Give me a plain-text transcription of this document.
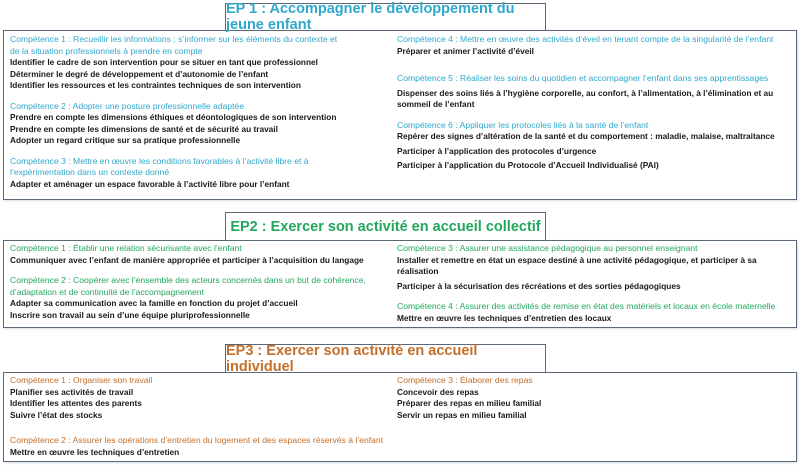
EP 1 : Accompagner le développement du jeune enfant
Compétence 1 : Recueillir les informations ; s’informer sur les éléments du contexte et de la situation professionnels à prendre en compte
Identifier le cadre de son intervention pour se situer en tant que professionnel
Déterminer le degré de développement et d’autonomie de l’enfant
Identifier les ressources et les contraintes techniques de son intervention
Compétence 2 : Adopter une posture professionnelle adaptée
Prendre en compte les dimensions éthiques et déontologiques de son intervention
Prendre en compte les dimensions de santé et de sécurité au travail
Adopter un regard critique sur sa pratique professionnelle
Compétence 3 : Mettre en œuvre les conditions favorables à l’activité libre et à l’expérimentation dans un contexte donné
Adapter et aménager un espace favorable à l’activité libre pour l’enfant
Compétence 4 : Mettre en œuvre des activités d’éveil en tenant compte de la singularité de l’enfant
Préparer et animer l’activité d’éveil
Compétence 5 : Réaliser les soins du quotidien et accompagner l’enfant dans ses apprentissages
Dispenser des soins liés à l’hygiène corporelle, au confort, à l’alimentation, à l’élimination et au sommeil de l’enfant
Compétence 6 : Appliquer les protocoles liés à la santé de l’enfant
Repérer des signes d’altération de la santé et du comportement : maladie, malaise, maltraitance
Participer à l’application des protocoles d’urgence
Participer à l’application du Protocole d’Accueil Individualisé (PAI)
EP2 : Exercer son activité en accueil collectif
Compétence 1 : Établir une relation sécurisante avec l’enfant
Communiquer avec l’enfant de manière appropriée et participer à l’acquisition du langage
Compétence 2 : Coopérer avec l’ensemble des acteurs concernés dans un but de cohérence, d’adaptation et de continuité de l’accompagnement
Adapter sa communication avec la famille en fonction du projet d’accueil
Inscrire son travail au sein d’une équipe pluriprofessionnelle
Compétence 3 : Assurer une assistance pédagogique au personnel enseignant
Installer et remettre en état un espace destiné à une activité pédagogique, et participer à sa réalisation
Participer à la sécurisation des récréations et des sorties pédagogiques
Compétence 4 : Assurer des activités de remise en état des matériels et locaux en école maternelle
Mettre en œuvre les techniques d’entretien des locaux
EP3 : Exercer son activité en accueil individuel
Compétence 1 : Organiser son travail
Planifier ses activités de travail
Identifier les attentes des parents
Suivre l’état des stocks
Compétence 2 : Assurer les opérations d’entretien du logement et des espaces réservés à l’enfant
Mettre en œuvre les techniques d’entretien
Compétence 3 : Élaborer des repas
Concevoir des repas
Préparer des repas en milieu familial
Servir un repas en milieu familial
